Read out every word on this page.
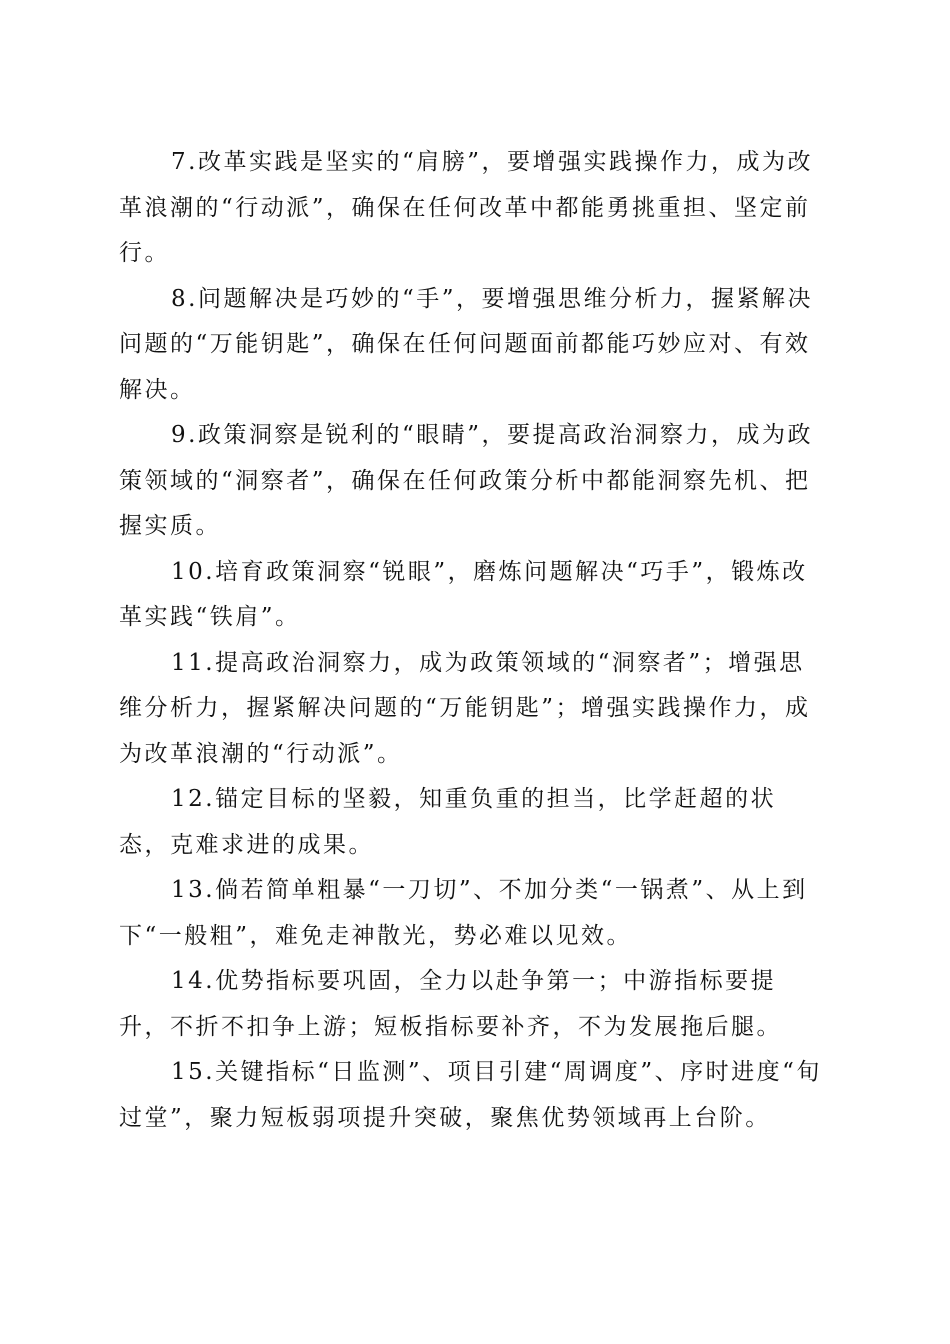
7.改革实践是坚实的“肩膀”，要增强实践操作力，成为改革浪潮的“行动派”，确保在任何改革中都能勇挑重担、坚定前行。

8.问题解决是巧妙的“手”，要增强思维分析力，握紧解决问题的“万能钥匙”，确保在任何问题面前都能巧妙应对、有效解决。

9.政策洞察是锐利的“眼睛”，要提高政治洞察力，成为政策领域的“洞察者”，确保在任何政策分析中都能洞察先机、把握实质。

10.培育政策洞察“锐眼”，磨炼问题解决“巧手”，锻炼改革实践“铁肩”。

11.提高政治洞察力，成为政策领域的“洞察者”；增强思维分析力，握紧解决问题的“万能钥匙”；增强实践操作力，成为改革浪潮的“行动派”。

12.锚定目标的坚毅，知重负重的担当，比学赶超的状态，克难求进的成果。

13.倘若简单粗暴“一刀切”、不加分类“一锅煮”、从上到下“一般粗”，难免走神散光，势必难以见效。

14.优势指标要巩固，全力以赴争第一；中游指标要提升，不折不扣争上游；短板指标要补齐，不为发展拖后腿。

15.关键指标“日监测”、项目引建“周调度”、序时进度“旬过堂”，聚力短板弱项提升突破，聚焦优势领域再上台阶。
